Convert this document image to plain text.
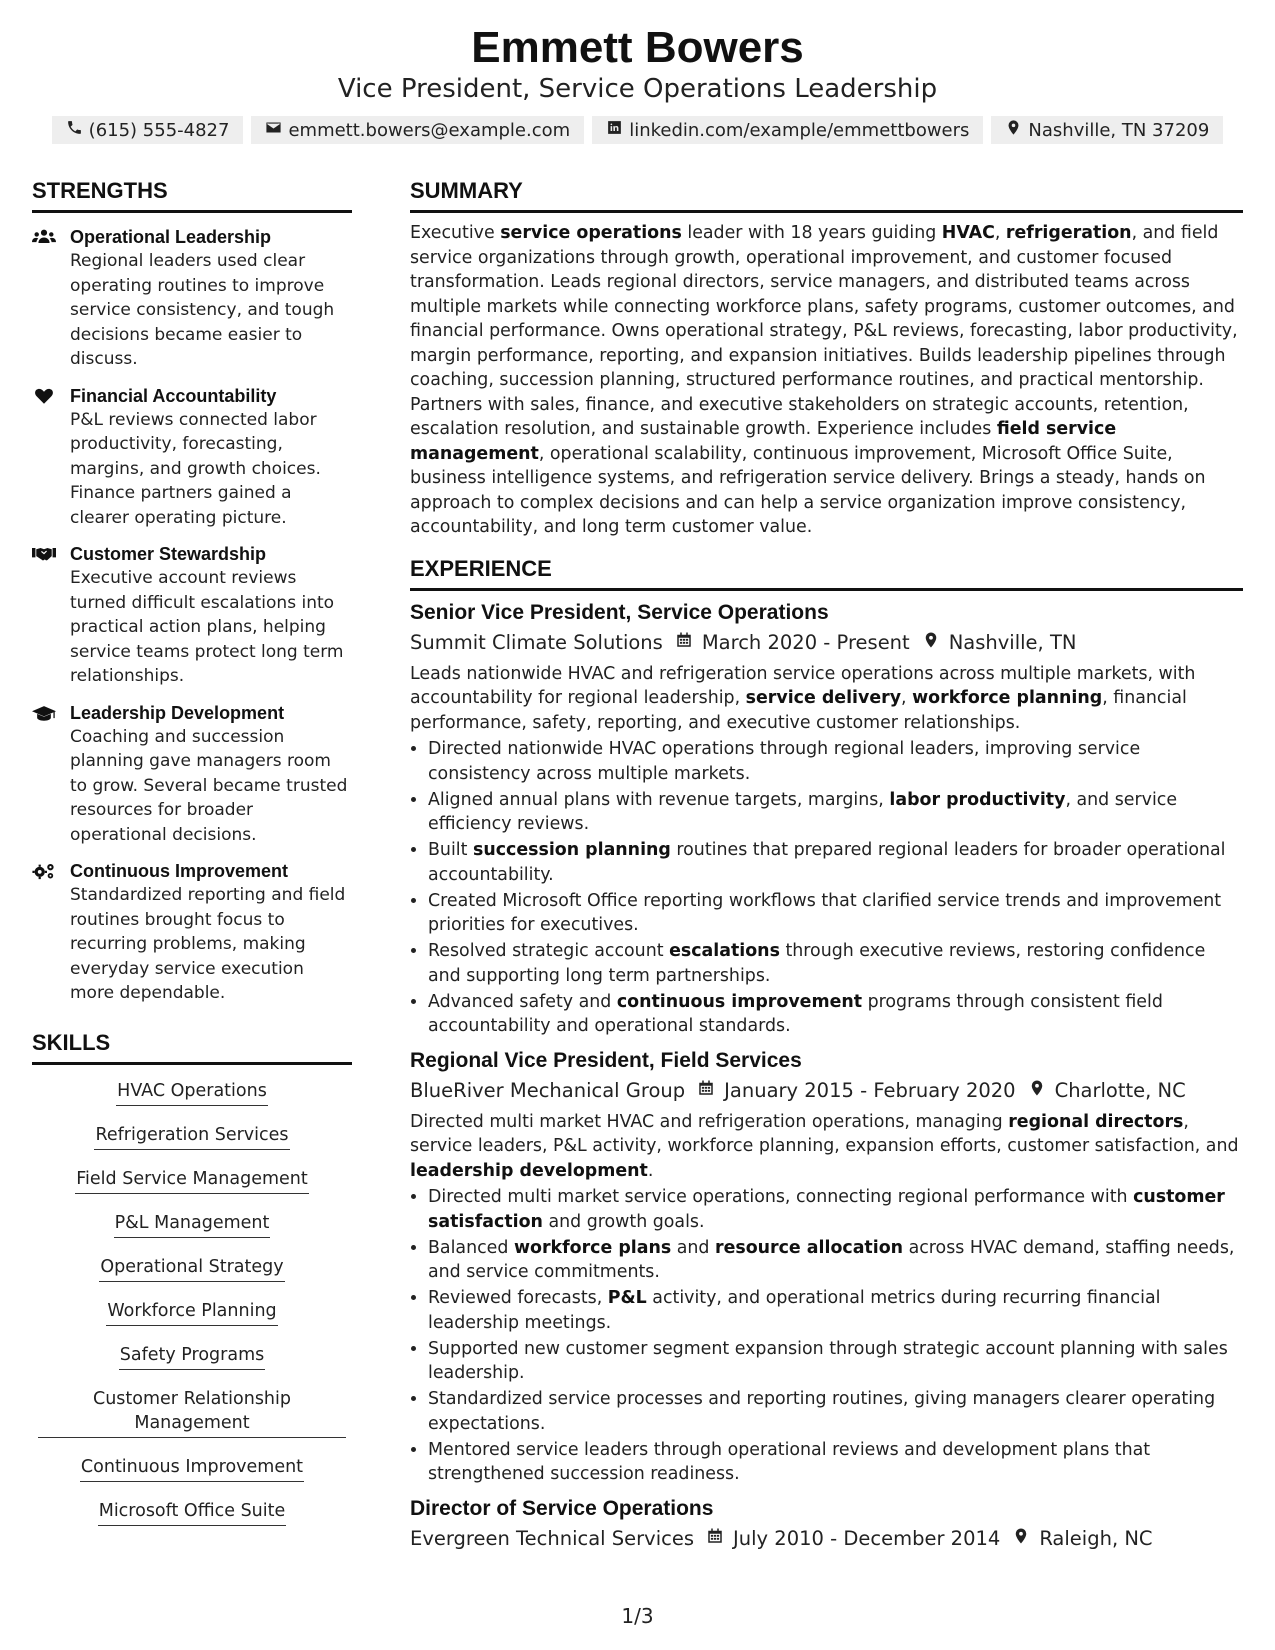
Emmett Bowers
Vice President, Service Operations Leadership
(615) 555-4827	emmett.bowers@example.com	linkedin.com/example/emmettbowers	Nashville, TN 37209
STRENGTHS
Operational Leadership
Regional leaders used clear operating routines to improve service consistency, and tough decisions became easier to discuss.
Financial Accountability
P&L reviews connected labor productivity, forecasting, margins, and growth choices. Finance partners gained a clearer operating picture.
Customer Stewardship
Executive account reviews turned difficult escalations into practical action plans, helping service teams protect long term relationships.
Leadership Development
Coaching and succession planning gave managers room to grow. Several became trusted resources for broader operational decisions.
Continuous Improvement
Standardized reporting and field routines brought focus to recurring problems, making everyday service execution more dependable.
SKILLS
HVAC Operations
Refrigeration Services
Field Service Management
P&L Management
Operational Strategy
Workforce Planning
Safety Programs
Customer Relationship Management
Continuous Improvement
Microsoft Office Suite
SUMMARY
Executive service operations leader with 18 years guiding HVAC, refrigeration, and field service organizations through growth, operational improvement, and customer focused transformation. Leads regional directors, service managers, and distributed teams across multiple markets while connecting workforce plans, safety programs, customer outcomes, and financial performance. Owns operational strategy, P&L reviews, forecasting, labor productivity, margin performance, reporting, and expansion initiatives. Builds leadership pipelines through coaching, succession planning, structured performance routines, and practical mentorship. Partners with sales, finance, and executive stakeholders on strategic accounts, retention, escalation resolution, and sustainable growth. Experience includes field service management, operational scalability, continuous improvement, Microsoft Office Suite, business intelligence systems, and refrigeration service delivery. Brings a steady, hands on approach to complex decisions and can help a service organization improve consistency, accountability, and long term customer value.
EXPERIENCE
Senior Vice President, Service Operations
Summit Climate Solutions March 2020 - Present Nashville, TN
Leads nationwide HVAC and refrigeration service operations across multiple markets, with accountability for regional leadership, service delivery, workforce planning, financial performance, safety, reporting, and executive customer relationships.
• Directed nationwide HVAC operations through regional leaders, improving service consistency across multiple markets.
• Aligned annual plans with revenue targets, margins, labor productivity, and service efficiency reviews.
• Built succession planning routines that prepared regional leaders for broader operational accountability.
• Created Microsoft Office reporting workflows that clarified service trends and improvement priorities for executives.
• Resolved strategic account escalations through executive reviews, restoring confidence and supporting long term partnerships.
• Advanced safety and continuous improvement programs through consistent field accountability and operational standards.
Regional Vice President, Field Services
BlueRiver Mechanical Group January 2015 - February 2020 Charlotte, NC
Directed multi market HVAC and refrigeration operations, managing regional directors, service leaders, P&L activity, workforce planning, expansion efforts, customer satisfaction, and leadership development.
• Directed multi market service operations, connecting regional performance with customer satisfaction and growth goals.
• Balanced workforce plans and resource allocation across HVAC demand, staffing needs, and service commitments.
• Reviewed forecasts, P&L activity, and operational metrics during recurring financial leadership meetings.
• Supported new customer segment expansion through strategic account planning with sales leadership.
• Standardized service processes and reporting routines, giving managers clearer operating expectations.
• Mentored service leaders through operational reviews and development plans that strengthened succession readiness.
Director of Service Operations
Evergreen Technical Services July 2010 - December 2014 Raleigh, NC
1/3
